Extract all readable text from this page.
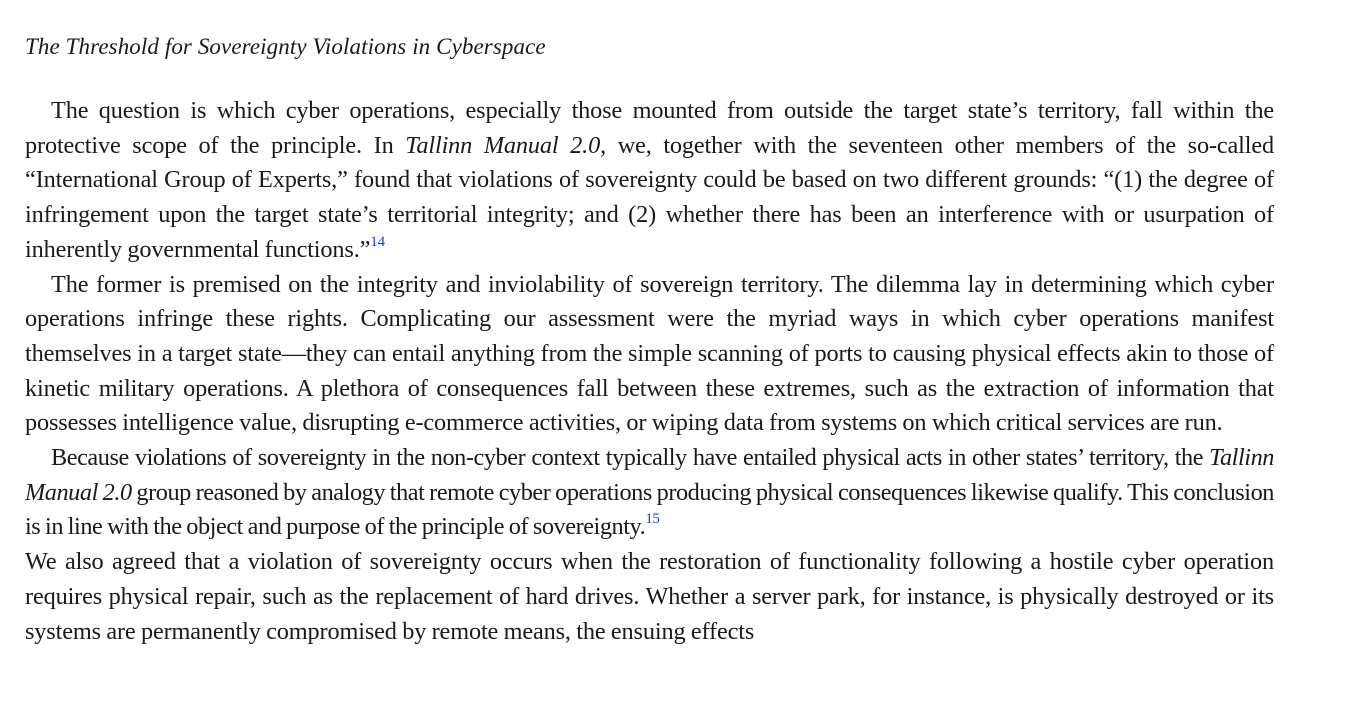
The Threshold for Sovereignty Violations in Cyberspace

The question is which cyber operations, especially those mounted from outside the target state’s territory, fall within the protective scope of the principle. In Tallinn Manual 2.0, we, together with the seventeen other members of the so-called “International Group of Experts,” found that violations of sovereignty could be based on two different grounds: “(1) the degree of infringement upon the target state’s territorial integrity; and (2) whether there has been an interference with or usurpation of inherently governmental functions.”$^{14}$

The former is premised on the integrity and inviolability of sovereign territory. The dilemma lay in determining which cyber operations infringe these rights. Complicating our assessment were the myriad ways in which cyber operations manifest themselves in a target state—they can entail anything from the simple scanning of ports to causing physical effects akin to those of kinetic military operations. A plethora of consequences fall between these extremes, such as the extraction of information that possesses intelligence value, disrupting e-commerce activities, or wiping data from systems on which critical services are run.

Because violations of sovereignty in the non-cyber context typically have entailed physical acts in other states’ territory, the Tallinn Manual 2.0 group reasoned by analogy that remote cyber operations producing physical consequences likewise qualify. This conclusion is in line with the object and purpose of the principle of sovereignty.$^{15}$

We also agreed that a violation of sovereignty occurs when the restoration of functionality following a hostile cyber operation requires physical repair, such as the replacement of hard drives. Whether a server park, for instance, is physically destroyed or its systems are permanently compromised by remote means, the ensuing effects
